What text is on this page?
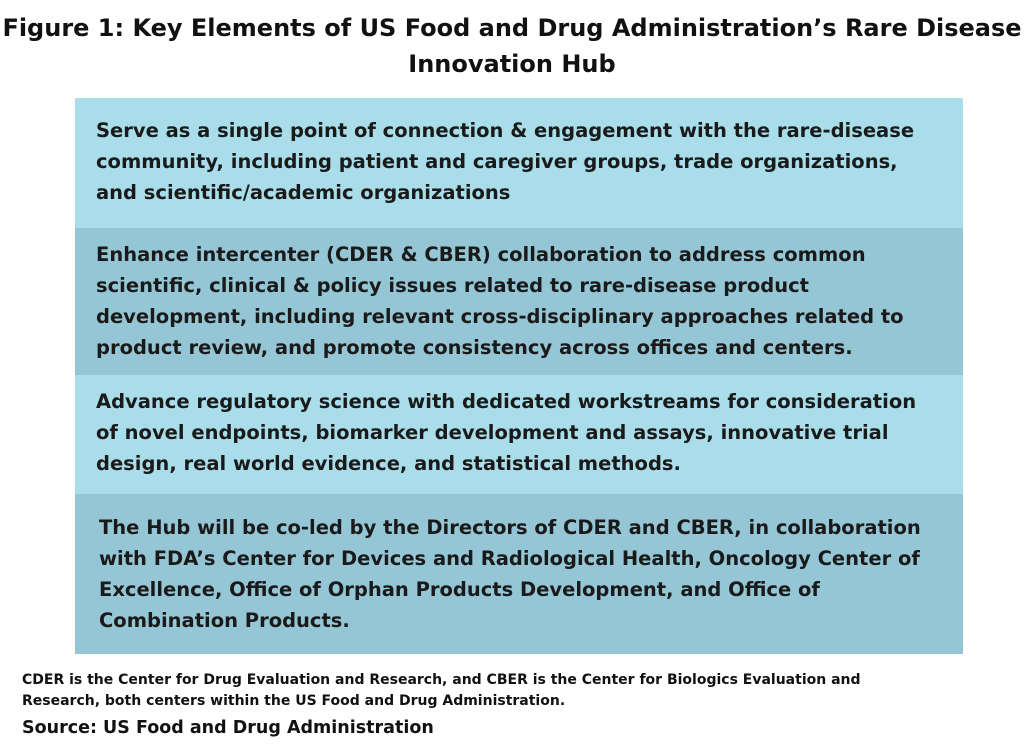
Figure 1: Key Elements of US Food and Drug Administration’s Rare Disease Innovation Hub
Serve as a single point of connection & engagement with the rare-disease community, including patient and caregiver groups, trade organizations, and scientific/academic organizations
Enhance intercenter (CDER & CBER) collaboration to address common scientific, clinical & policy issues related to rare-disease product development, including relevant cross-disciplinary approaches related to product review, and promote consistency across offices and centers.
Advance regulatory science with dedicated workstreams for consideration of novel endpoints, biomarker development and assays, innovative trial design, real world evidence, and statistical methods.
The Hub will be co-led by the Directors of CDER and CBER, in collaboration with FDA’s Center for Devices and Radiological Health, Oncology Center of Excellence, Office of Orphan Products Development, and Office of Combination Products.
CDER is the Center for Drug Evaluation and Research, and CBER is the Center for Biologics Evaluation and Research, both centers within the US Food and Drug Administration.
Source: US Food and Drug Administration
